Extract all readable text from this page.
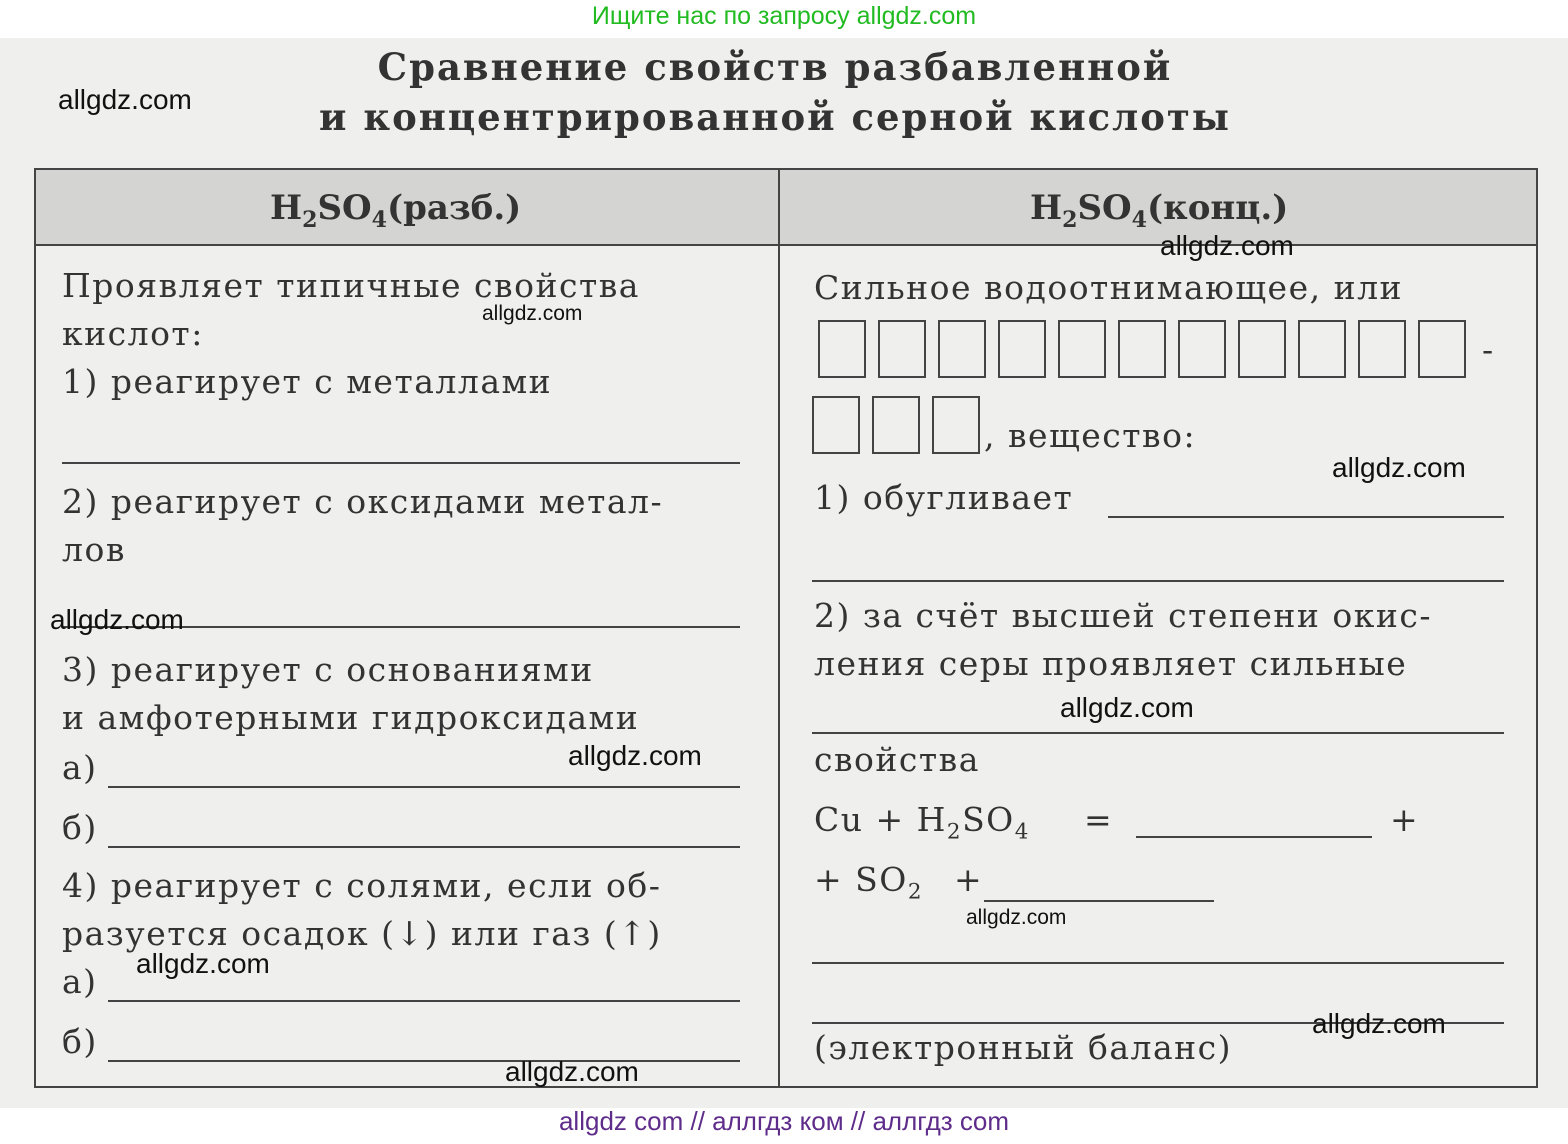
Ищите нас по запросу allgdz.com
Сравнение свойств разбавленной
и концентрированной серной кислоты
$H_2SO_4(разб.)$	$H_2SO_4(конц.)$
Проявляет типичные свойства
кислот:
1) реагирует с металлами
2) реагирует с оксидами метал-
лов
3) реагирует с основаниями
и амфотерными гидроксидами
а)
б)
4) реагирует с солями, если об-
разуется осадок (↓) или газ (↑)
а)
б)
Сильное водоотнимающее, или
-
, вещество:
1) обугливает
2) за счёт высшей степени окис-
ления серы проявляет сильные
свойства
$Cu + H_2SO_4$ =	+
+ $SO_2$ +
(электронный баланс)
allgdz.com
allgdz.com
allgdz.com
allgdz.com
allgdz.com
allgdz.com
allgdz.com
allgdz.com
allgdz.com
allgdz.com
allgdz.com
allgdz com // аллгдз ком // аллгдз com
